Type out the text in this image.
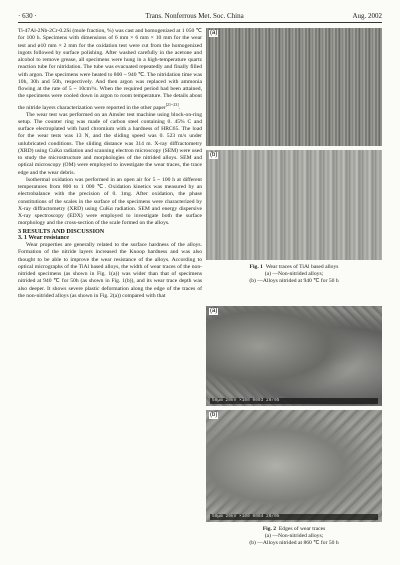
· 630 ·	Trans. Nonferrous Met. Soc. China	Aug. 2002

Ti-47Al-2Nb-2Cr-0.2Si (mole fraction, %) was cast and homogenized at 1 050 ℃ for 100 h. Specimens with dimensions of 6 mm × 6 mm × 10 mm for the wear test and ø10 mm × 2 mm for the oxidation test were cut from the homogenized ingots followed by surface polishing. After washed carefully in the acetone and alcohol to remove grease, all specimens were hung in a high-temperature quartz reaction tube for nitridation. The tube was evacuated repeatedly and finally filled with argon. The specimens were heated to 800 ~ 940 ℃. The nitridation time was 10h, 30h and 50h, respectively. And then argon was replaced with ammonia flowing at the rate of 5 ~ 10cm³/s. When the required period had been attained, the specimens were cooled down in argon to room temperature. The details about the nitride layers characterization were reported in the other paper[21~23].

The wear test was performed on an Amsler test machine using block-on-ring setup. The counter ring was made of carbon steel containing 0. 45% C and surface electroplated with hard chromium with a hardness of HRC65. The load for the wear tests was 13 N, and the sliding speed was 0. 523 m/s under unlubricated conditions. The sliding distance was 314 m. X-ray diffractometry (XRD) using CuKα radiation and scanning electron microscopy (SEM) were used to study the microstructure and morphologies of the nitrided alloys. SEM and optical microscopy (OM) were employed to investigate the wear traces, the trace edge and the wear debris.

Isothermal oxidation was performed in an open air for 5 ~ 100 h at different temperatures from 800 to 1 000 ℃. Oxidation kinetics was measured by an electrobalance with the precision of 0. 1mg. After oxidation, the phase constitutions of the scales in the surface of the specimens were characterized by X-ray diffractometry (XRD) using CuKα radiation. SEM and energy dispersive X-ray spectroscopy (EDX) were employed to investigate both the surface morphology and the cross-section of the scale formed on the alloys.

3 RESULTS AND DISCUSSION

3. 1 Wear resistance

Wear properties are generally related to the surface hardness of the alloys. Formation of the nitride layers increased the Knoop hardness and was also thought to be able to improve the wear resistance of the alloys. According to optical micrographs of the TiAl based alloys, the width of wear traces of the non-nitrided specimens (as shown in Fig. 1(a)) was wider than that of specimens nitrided at 940 ℃ for 50h (as shown in Fig. 1(b)), and its wear trace depth was also deeper. It shows severe plastic deformation along the edge of the traces of the non-nitrided alloys (as shown in Fig. 2(a)) compared with that

(a)
(b)
Fig. 1 Wear traces of TiAl based alloys
(a) —Non-nitrided alloys;
(b) —Alloys nitrided at 940 ℃ for 50 h
(a)
50μm 20kV ×100 0003 20/05
(b)
50μm 20kV ×100 0004 20/05
Fig. 2 Edges of wear traces
(a) —Non-nitrided alloys;
(b) —Alloys nitrided at 860 ℃ for 50 h
